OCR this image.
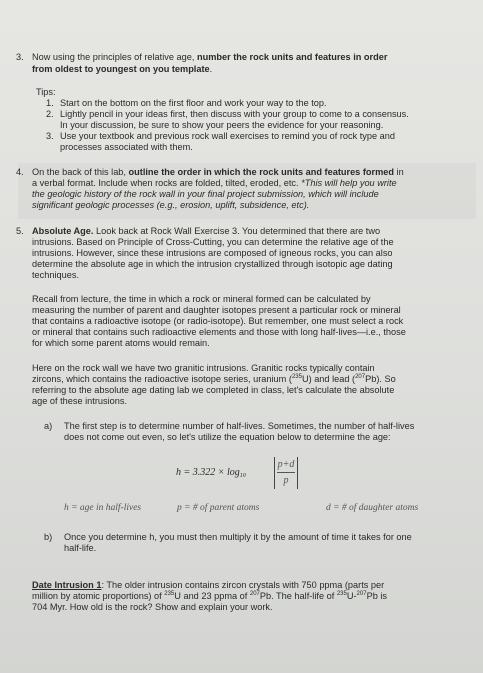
3. Now using the principles of relative age, number the rock units and features in order
from oldest to youngest on you template.
Tips:
1. Start on the bottom on the first floor and work your way to the top.
2. Lightly pencil in your ideas first, then discuss with your group to come to a consensus.
In your discussion, be sure to show your peers the evidence for your reasoning.
3. Use your textbook and previous rock wall exercises to remind you of rock type and
processes associated with them.
4. On the back of this lab, outline the order in which the rock units and features formed in
a verbal format. Include when rocks are folded, tilted, eroded, etc. *This will help you write
the geologic history of the rock wall in your final project submission, which will include
significant geologic processes (e.g., erosion, uplift, subsidence, etc).
5. Absolute Age. Look back at Rock Wall Exercise 3. You determined that there are two
intrusions. Based on Principle of Cross-Cutting, you can determine the relative age of the
intrusions. However, since these intrusions are composed of igneous rocks, you can also
determine the absolute age in which the intrusion crystallized through isotopic age dating
techniques.
Recall from lecture, the time in which a rock or mineral formed can be calculated by
measuring the number of parent and daughter isotopes present a particular rock or mineral
that contains a radioactive isotope (or radio-isotope). But remember, one must select a rock
or mineral that contains such radioactive elements and those with long half-lives—i.e., those
for which some parent atoms would remain.
Here on the rock wall we have two granitic intrusions. Granitic rocks typically contain
zircons, which contains the radioactive isotope series, uranium ($^{235}$U) and lead ($^{207}$Pb). So
referring to the absolute age dating lab we completed in class, let's calculate the absolute
age of these intrusions.
a) The first step is to determine number of half-lives. Sometimes, the number of half-lives
does not come out even, so let's utilize the equation below to determine the age:
$h = 3.322 \times \log_{10}$
p+d
p
h = age in half-lives	p = # of parent atoms	d = # of daughter atoms
b) Once you determine h, you must then multiply it by the amount of time it takes for one
half-life.
Date Intrusion 1: The older intrusion contains zircon crystals with 750 ppma (parts per
million by atomic proportions) of $^{235}$U and 23 ppma of $^{207}$Pb. The half-life of $^{235}$U-$^{207}$Pb is
704 Myr. How old is the rock? Show and explain your work.
